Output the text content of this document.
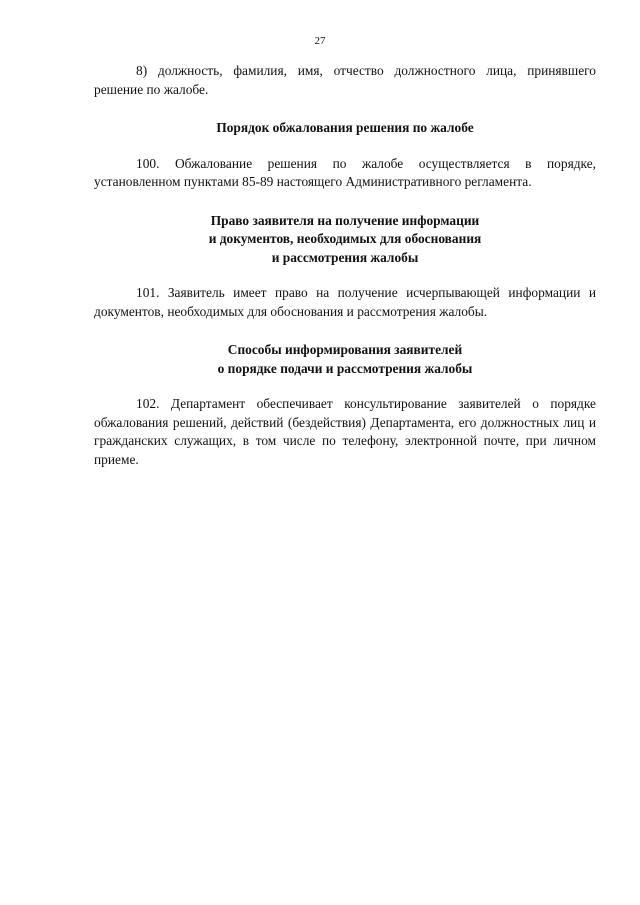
27

8) должность, фамилия, имя, отчество должностного лица, принявшего решение по жалобе.

Порядок обжалования решения по жалобе

100. Обжалование решения по жалобе осуществляется в порядке, установленном пунктами 85-89 настоящего Административного регламента.

Право заявителя на получение информации
и документов, необходимых для обоснования
и рассмотрения жалобы

101. Заявитель имеет право на получение исчерпывающей информации и документов, необходимых для обоснования и рассмотрения жалобы.

Способы информирования заявителей
о порядке подачи и рассмотрения жалобы

102. Департамент обеспечивает консультирование заявителей о порядке обжалования решений, действий (бездействия) Департамента, его должностных лиц и гражданских служащих, в том числе по телефону, электронной почте, при личном приеме.
